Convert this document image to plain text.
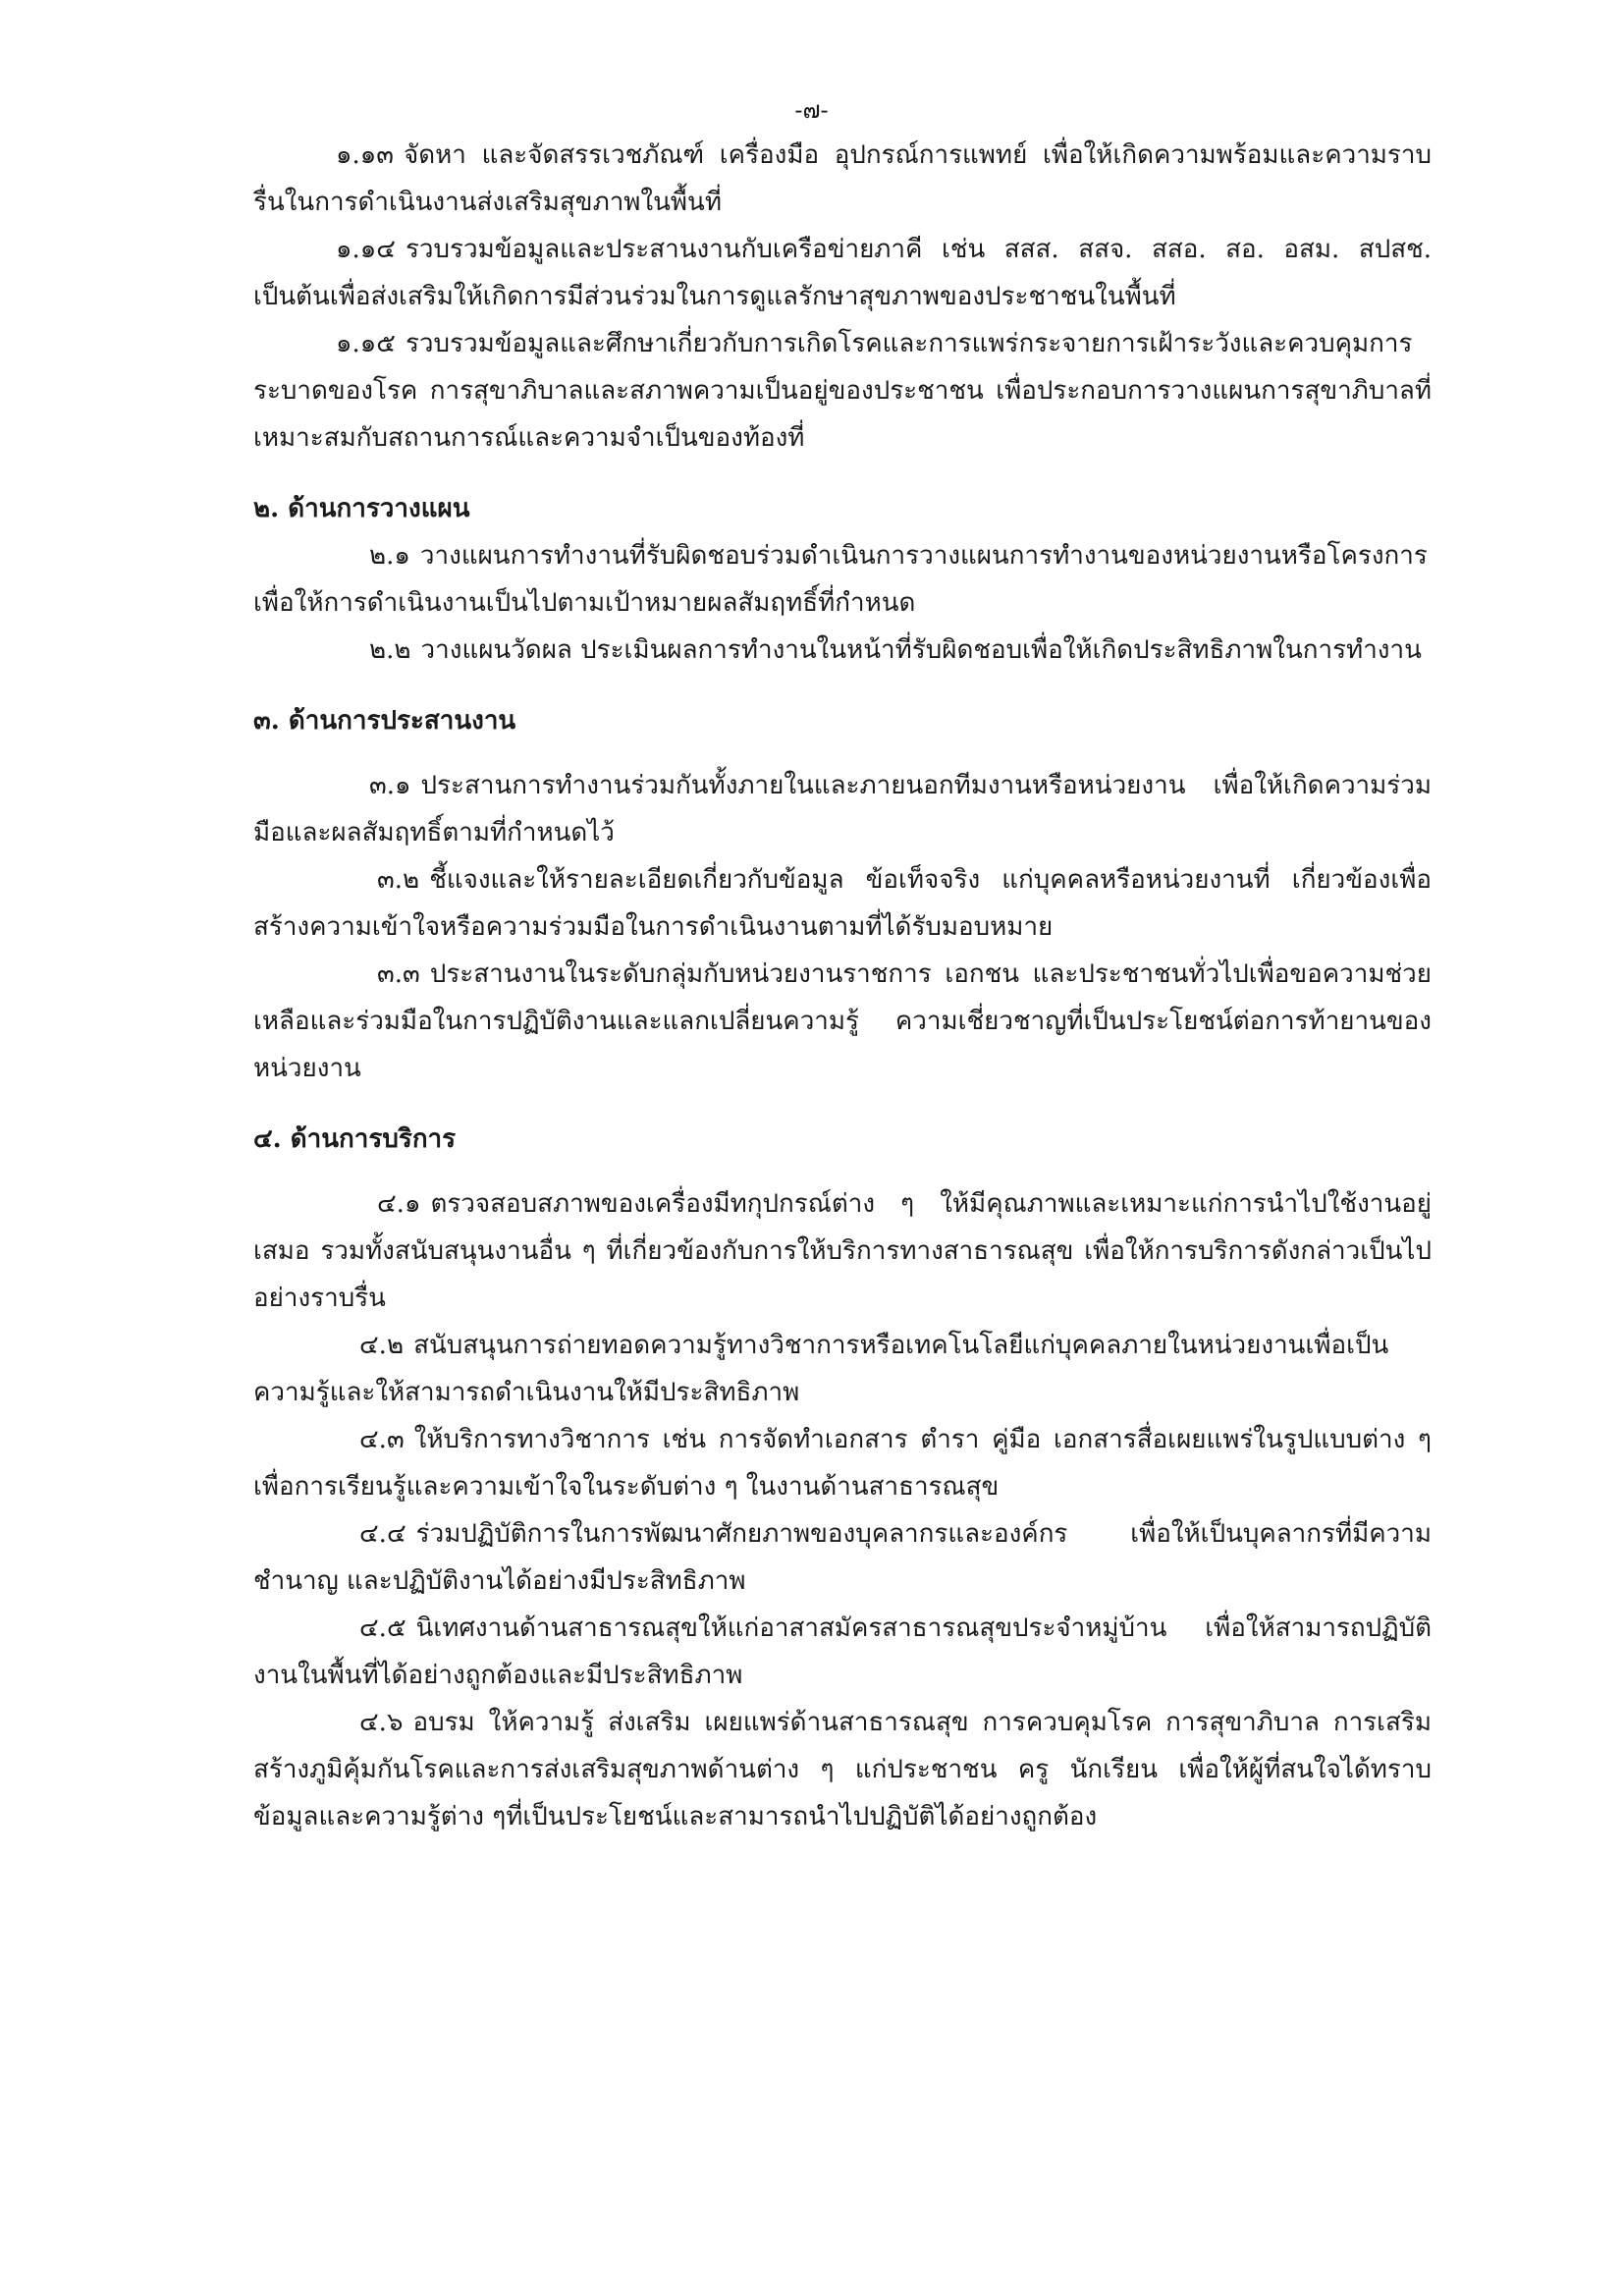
-๗-

๑.๑๓ จัดหา และจัดสรรเวชภัณฑ์ เครื่องมือ อุปกรณ์การแพทย์ เพื่อให้เกิดความพร้อมและความราบรื่นในการดำเนินงานส่งเสริมสุขภาพในพื้นที่

๑.๑๔ รวบรวมข้อมูลและประสานงานกับเครือข่ายภาคี เช่น สสส. สสจ. สสอ. สอ. อสม. สปสช. เป็นต้นเพื่อส่งเสริมให้เกิดการมีส่วนร่วมในการดูแลรักษาสุขภาพของประชาชนในพื้นที่

๑.๑๕ รวบรวมข้อมูลและศึกษาเกี่ยวกับการเกิดโรคและการแพร่กระจายการเฝ้าระวังและควบคุมการระบาดของโรค การสุขาภิบาลและสภาพความเป็นอยู่ของประชาชน เพื่อประกอบการวางแผนการสุขาภิบาลที่เหมาะสมกับสถานการณ์และความจำเป็นของท้องที่

๒. ด้านการวางแผน

๒.๑ วางแผนการทำงานที่รับผิดชอบร่วมดำเนินการวางแผนการทำงานของหน่วยงานหรือโครงการเพื่อให้การดำเนินงานเป็นไปตามเป้าหมายผลสัมฤทธิ์ที่กำหนด

๒.๒ วางแผนวัดผล ประเมินผลการทำงานในหน้าที่รับผิดชอบเพื่อให้เกิดประสิทธิภาพในการทำงาน

๓. ด้านการประสานงาน

๓.๑ ประสานการทำงานร่วมกันทั้งภายในและภายนอกทีมงานหรือหน่วยงาน เพื่อให้เกิดความร่วมมือและผลสัมฤทธิ์ตามที่กำหนดไว้

๓.๒ ชี้แจงและให้รายละเอียดเกี่ยวกับข้อมูล ข้อเท็จจริง แก่บุคคลหรือหน่วยงานที่ เกี่ยวข้องเพื่อสร้างความเข้าใจหรือความร่วมมือในการดำเนินงานตามที่ได้รับมอบหมาย

๓.๓ ประสานงานในระดับกลุ่มกับหน่วยงานราชการ เอกชน และประชาชนทั่วไปเพื่อขอความช่วยเหลือและร่วมมือในการปฏิบัติงานและแลกเปลี่ยนความรู้ ความเชี่ยวชาญที่เป็นประโยชน์ต่อการท้ายานของหน่วยงาน

๔. ด้านการบริการ

๔.๑ ตรวจสอบสภาพของเครื่องมีทกุปกรณ์ต่าง ๆ ให้มีคุณภาพและเหมาะแก่การนำไปใช้งานอยู่เสมอ รวมทั้งสนับสนุนงานอื่น ๆ ที่เกี่ยวข้องกับการให้บริการทางสาธารณสุข เพื่อให้การบริการดังกล่าวเป็นไปอย่างราบรื่น

๔.๒ สนับสนุนการถ่ายทอดความรู้ทางวิชาการหรือเทคโนโลยีแก่บุคคลภายในหน่วยงานเพื่อเป็นความรู้และให้สามารถดำเนินงานให้มีประสิทธิภาพ

๔.๓ ให้บริการทางวิชาการ เช่น การจัดทำเอกสาร ตำรา คู่มือ เอกสารสื่อเผยแพร่ในรูปแบบต่าง ๆ เพื่อการเรียนรู้และความเข้าใจในระดับต่าง ๆ ในงานด้านสาธารณสุข

๔.๔ ร่วมปฏิบัติการในการพัฒนาศักยภาพของบุคลากรและองค์กร เพื่อให้เป็นบุคลากรที่มีความชำนาญ และปฏิบัติงานได้อย่างมีประสิทธิภาพ

๔.๕ นิเทศงานด้านสาธารณสุขให้แก่อาสาสมัครสาธารณสุขประจำหมู่บ้าน เพื่อให้สามารถปฏิบัติงานในพื้นที่ได้อย่างถูกต้องและมีประสิทธิภาพ

๔.๖ อบรม ให้ความรู้ ส่งเสริม เผยแพร่ด้านสาธารณสุข การควบคุมโรค การสุขาภิบาล การเสริมสร้างภูมิคุ้มกันโรคและการส่งเสริมสุขภาพด้านต่าง ๆ แก่ประชาชน ครู นักเรียน เพื่อให้ผู้ที่สนใจได้ทราบข้อมูลและความรู้ต่าง ๆที่เป็นประโยชน์และสามารถนำไปปฏิบัติได้อย่างถูกต้อง
